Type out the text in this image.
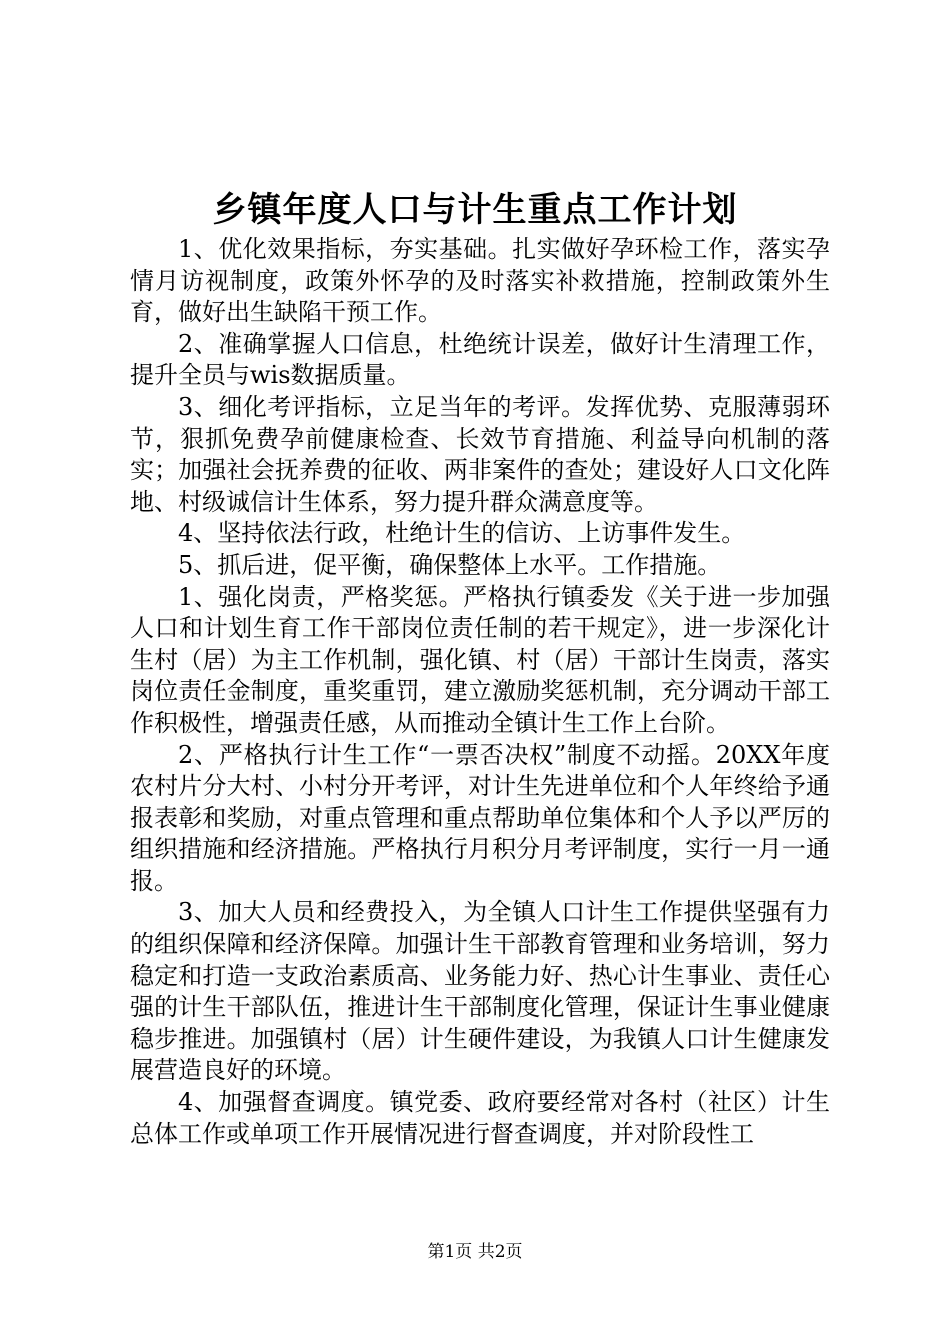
乡镇年度人口与计生重点工作计划

1、优化效果指标，夯实基础。扎实做好孕环检工作，落实孕情月访视制度，政策外怀孕的及时落实补救措施，控制政策外生育，做好出生缺陷干预工作。

2、准确掌握人口信息，杜绝统计误差，做好计生清理工作，提升全员与wis数据质量。

3、细化考评指标，立足当年的考评。发挥优势、克服薄弱环节，狠抓免费孕前健康检查、长效节育措施、利益导向机制的落实；加强社会抚养费的征收、两非案件的查处；建设好人口文化阵地、村级诚信计生体系，努力提升群众满意度等。

4、坚持依法行政，杜绝计生的信访、上访事件发生。

5、抓后进，促平衡，确保整体上水平。工作措施。

1、强化岗责，严格奖惩。严格执行镇委发《关于进一步加强人口和计划生育工作干部岗位责任制的若干规定》，进一步深化计生村（居）为主工作机制，强化镇、村（居）干部计生岗责，落实岗位责任金制度，重奖重罚，建立激励奖惩机制，充分调动干部工作积极性，增强责任感，从而推动全镇计生工作上台阶。

2、严格执行计生工作“一票否决权”制度不动摇。20XX年度农村片分大村、小村分开考评，对计生先进单位和个人年终给予通报表彰和奖励，对重点管理和重点帮助单位集体和个人予以严厉的组织措施和经济措施。严格执行月积分月考评制度，实行一月一通报。

3、加大人员和经费投入，为全镇人口计生工作提供坚强有力的组织保障和经济保障。加强计生干部教育管理和业务培训，努力稳定和打造一支政治素质高、业务能力好、热心计生事业、责任心强的计生干部队伍，推进计生干部制度化管理，保证计生事业健康稳步推进。加强镇村（居）计生硬件建设，为我镇人口计生健康发展营造良好的环境。

4、加强督查调度。镇党委、政府要经常对各村（社区）计生总体工作或单项工作开展情况进行督查调度，并对阶段性工

第1页 共2页
